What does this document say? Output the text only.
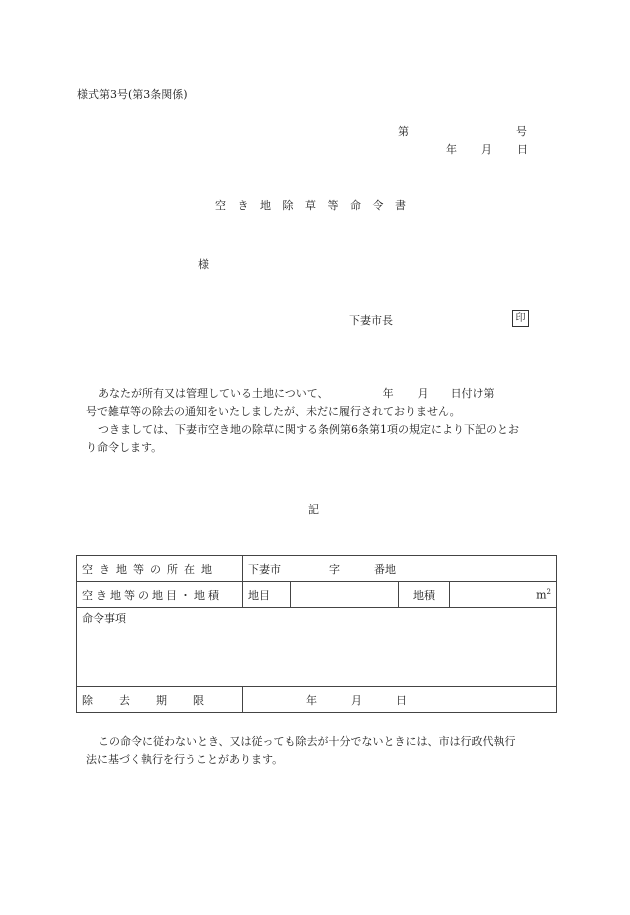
様式第3号(第3条関係)
第	号
年 月 日
空き地除草等命令書
様
下妻市長	印
あなたが所有又は管理している土地について、	年 月 日付け第
号で雑草等の除去の通知をいたしましたが、未だに履行されておりません。
つきましては、下妻市空き地の除草に関する条例第6条第1項の規定により下記のとお
り命令します。
記
空き地等の所在地	下妻市 字 番地			
空き地等の地目・地積	地目		地積	$m^2$
命令事項				
除去期限	年 月 日			
この命令に従わないとき、又は従っても除去が十分でないときには、市は行政代執行
法に基づく執行を行うことがあります。
